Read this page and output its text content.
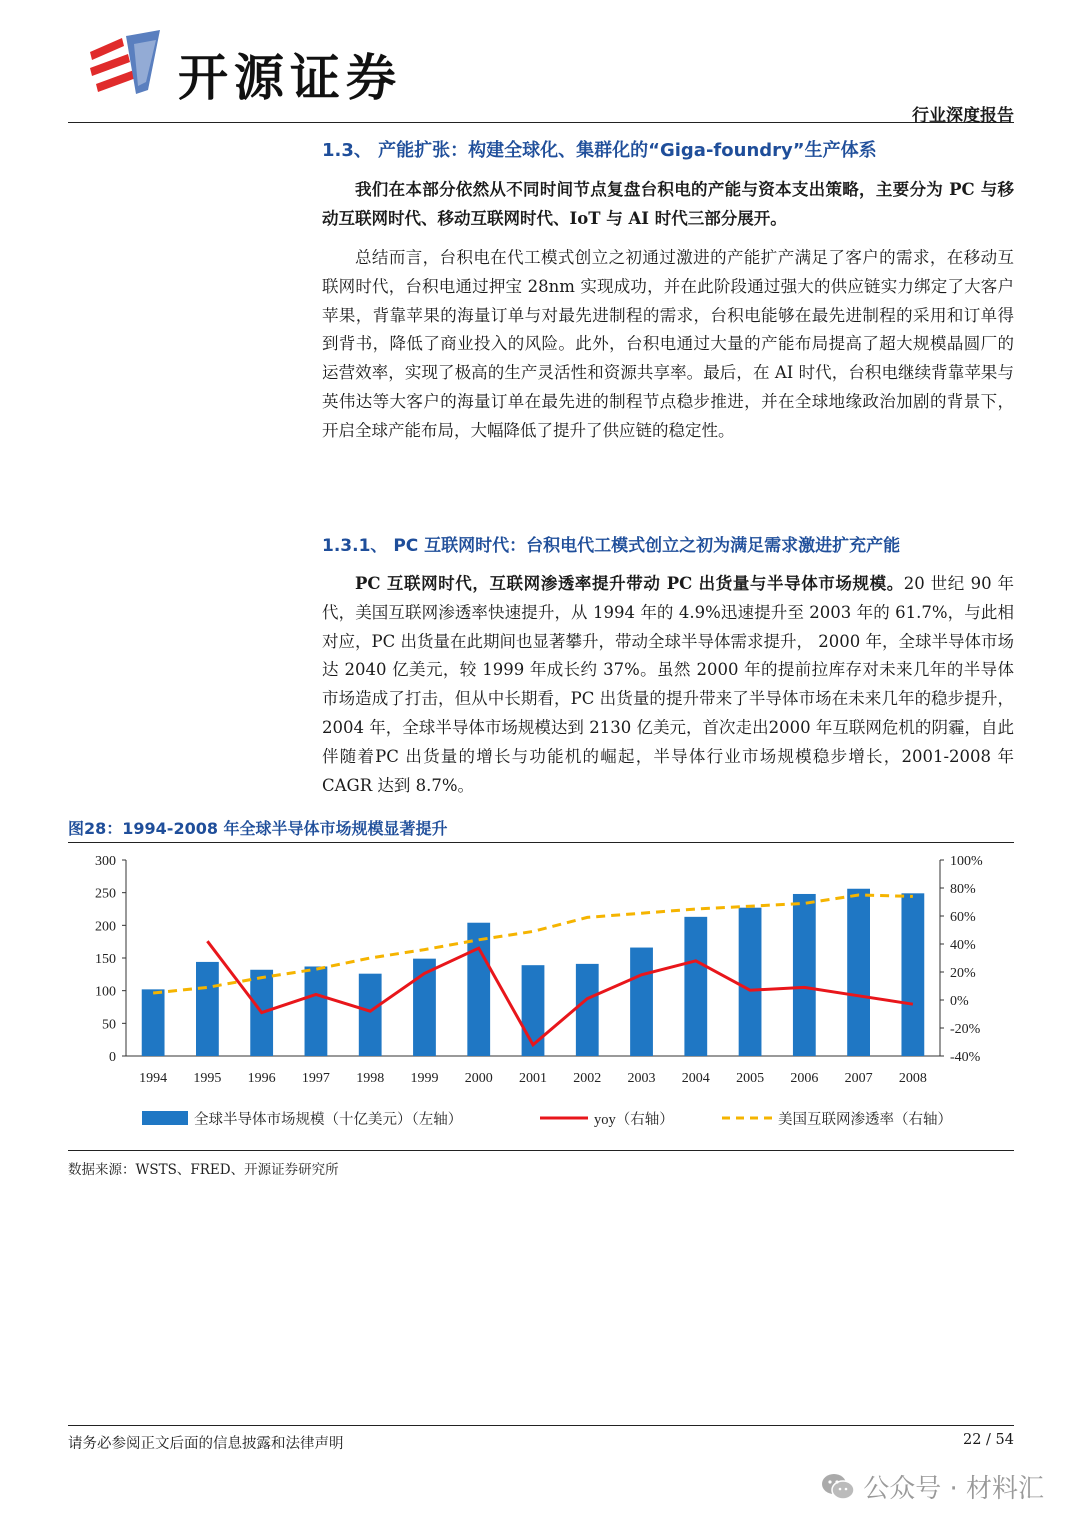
开源证券
行业深度报告
1.3、 产能扩张：构建全球化、集群化的“Giga-foundry”生产体系

我们在本部分依然从不同时间节点复盘台积电的产能与资本支出策略，主要分为 PC 与移动互联网时代、移动互联网时代、IoT 与 AI 时代三部分展开。

总结而言，台积电在代工模式创立之初通过激进的产能扩产满足了客户的需求，在移动互联网时代，台积电通过押宝 28nm 实现成功，并在此阶段通过强大的供应链实力绑定了大客户苹果，背靠苹果的海量订单与对最先进制程的需求，台积电能够在最先进制程的采用和订单得到背书，降低了商业投入的风险。此外，台积电通过大量的产能布局提高了超大规模晶圆厂的运营效率，实现了极高的生产灵活性和资源共享率。最后，在 AI 时代，台积电继续背靠苹果与英伟达等大客户的海量订单在最先进的制程节点稳步推进，并在全球地缘政治加剧的背景下，开启全球产能布局，大幅降低了提升了供应链的稳定性。

1.3.1、 PC 互联网时代：台积电代工模式创立之初为满足需求激进扩充产能

PC 互联网时代，互联网渗透率提升带动 PC 出货量与半导体市场规模。20 世纪 90 年代，美国互联网渗透率快速提升，从 1994 年的 4.9%迅速提升至 2003 年的 61.7%，与此相对应，PC 出货量在此期间也显著攀升，带动全球半导体需求提升， 2000 年，全球半导体市场达 2040 亿美元，较 1999 年成长约 37%。虽然 2000 年的提前拉库存对未来几年的半导体市场造成了打击，但从中长期看，PC 出货量的提升带来了半导体市场在未来几年的稳步提升，2004 年，全球半导体市场规模达到 2130 亿美元，首次走出2000 年互联网危机的阴霾，自此伴随着PC 出货量的增长与功能机的崛起，半导体行业市场规模稳步增长，2001-2008 年 CAGR 达到 8.7%。

图28：1994-2008 年全球半导体市场规模显著提升
0
50
100
150
200
250
300
-40%
-20%
0%
20%
40%
60%
80%
100%
1994 1995 1996 1997 1998 1999 2000 2001 2002 2003 2004 2005 2006 2007 2008
全球半导体市场规模（十亿美元）（左轴）	yoy（右轴）	美国互联网渗透率（右轴）
数据来源：WSTS、FRED、开源证券研究所
请务必参阅正文后面的信息披露和法律声明	22 / 54
公众号 · 材料汇
